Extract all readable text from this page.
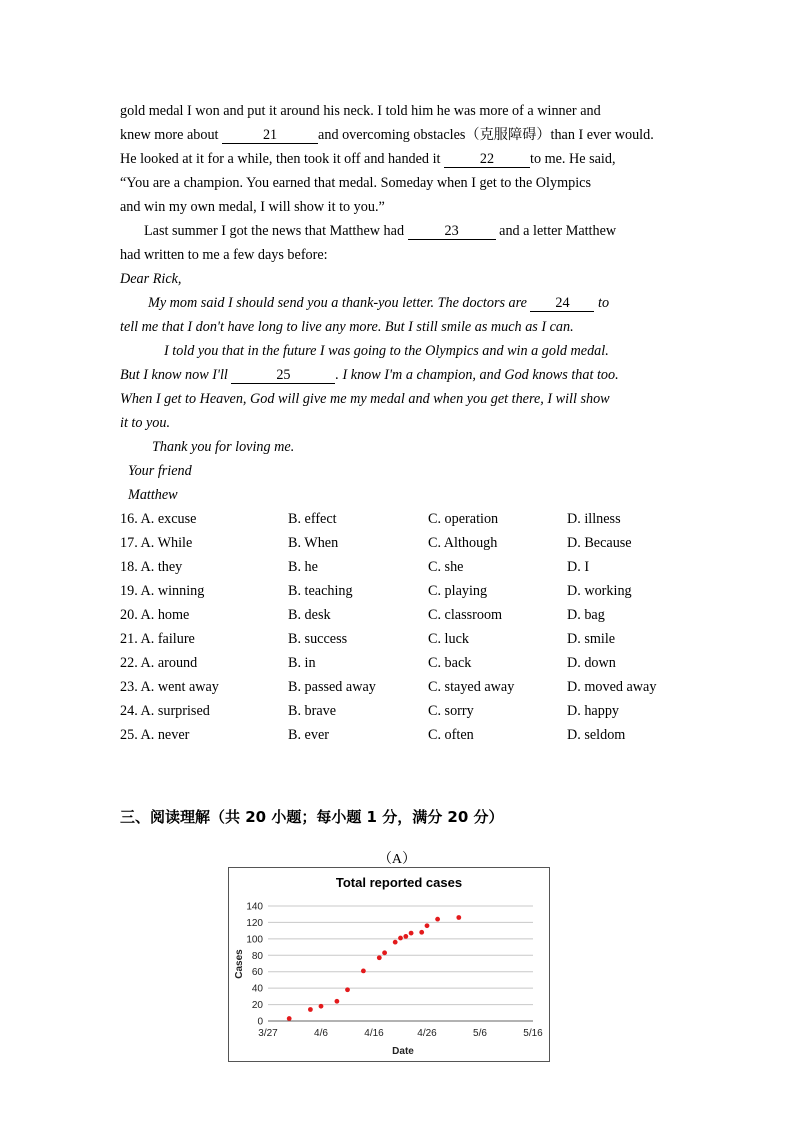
gold medal I won and put it around his neck. I told him he was more of a winner and
knew more about	21	and overcoming obstacles（克服障碍）than I ever would.
He looked at it for a while, then took it off and handed it	22	to me. He said,
“You are a champion. You earned that medal. Someday when I get to the Olympics
and win my own medal, I will show it to you.”
Last summer I got the news that Matthew had	23	and a letter Matthew
had written to me a few days before:
Dear Rick,
My mom said I should send you a thank-you letter. The doctors are 24 to
tell me that I don't have long to live any more. But I still smile as much as I can.
I told you that in the future I was going to the Olympics and win a gold medal.
But I know now I'll	25	. I know I'm a champion, and God knows that too.
When I get to Heaven, God will give me my medal and when you get there, I will show
it to you.
Thank you for loving me.
Your friend
Matthew
16. A. excuse	B. effect	C. operation	D. illness
17. A. While	B. When	C. Although	D. Because
18. A. they	B. he	C. she	D. I
19. A. winning	B. teaching	C. playing	D. working
20. A. home	B. desk	C. classroom	D. bag
21. A. failure	B. success	C. luck	D. smile
22. A. around	B. in	C. back	D. down
23. A. went away	B. passed away	C. stayed away	D. moved away
24. A. surprised	B. brave	C. sorry	D. happy
25. A. never	B. ever	C. often	D. seldom
三、阅读理解（共 20 小题；每小题 1 分，满分 20 分）
（A）
Total reported cases
0
20
40
60
80
100
120
140
3/27	4/6	4/16	4/26	5/6	5/16
Date
Cases
